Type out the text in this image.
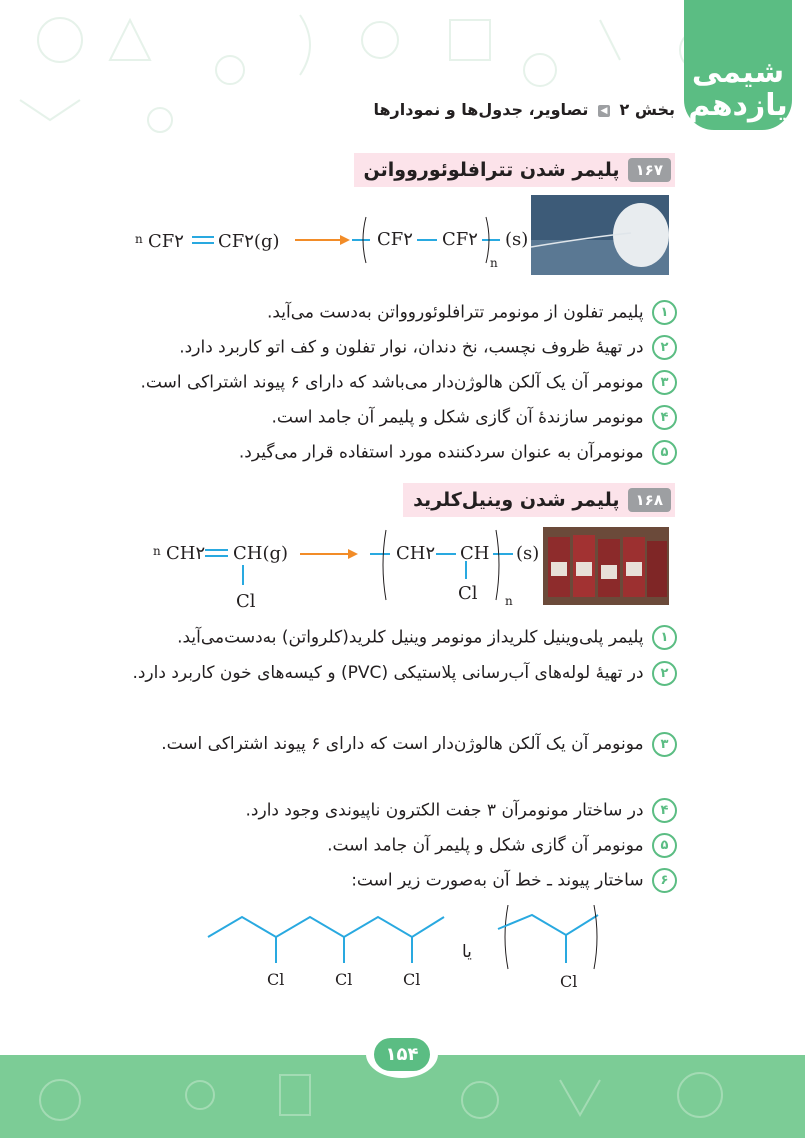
شیمی
یازدهم
بخش ۲ ◀ تصاویر، جدول‌ها و نمودارها
۱۶۷
پلیمر شدن تترافلوئوروواتن
n CF۲ CF۲(g)	CF۲ CF۲ (s)
n
۱ پلیمر تفلون از مونومر تترافلوئوروواتن به‌دست می‌آید.
۲ در تهیهٔ ظروف نچسب، نخ دندان، نوار تفلون و کف اتو کاربرد دارد.
۳ مونومر آن یک آلکن هالوژن‌دار می‌باشد که دارای ۶ پیوند اشتراکی است.
۴ مونومر سازندهٔ آن گازی شکل و پلیمر آن جامد است.
۵ مونومرآن به عنوان سردکننده مورد استفاده قرار می‌گیرد.
۱۶۸
پلیمر شدن وینیل‌کلرید
n CH۲ CH(g)
Cl
CH۲ CH
Cl
(s)
n
۱ پلیمر پلی‌وینیل کلریداز مونومر وینیل کلرید(کلرواتن) به‌دست‌می‌آید.
۲ در تهیهٔ لوله‌های آب‌رسانی پلاستیکی (PVC) و کیسه‌های خون کاربرد دارد.
۳ مونومر آن یک آلکن هالوژن‌دار است که دارای ۶ پیوند اشتراکی است.
۴ در ساختار مونومرآن ۳ جفت الکترون ناپیوندی وجود دارد.
۵ مونومر آن گازی شکل و پلیمر آن جامد است.
۶ ساختار پیوند ـ خط آن به‌صورت زیر است:
Cl	Cl	Cl	Cl
یا
۱۵۴
